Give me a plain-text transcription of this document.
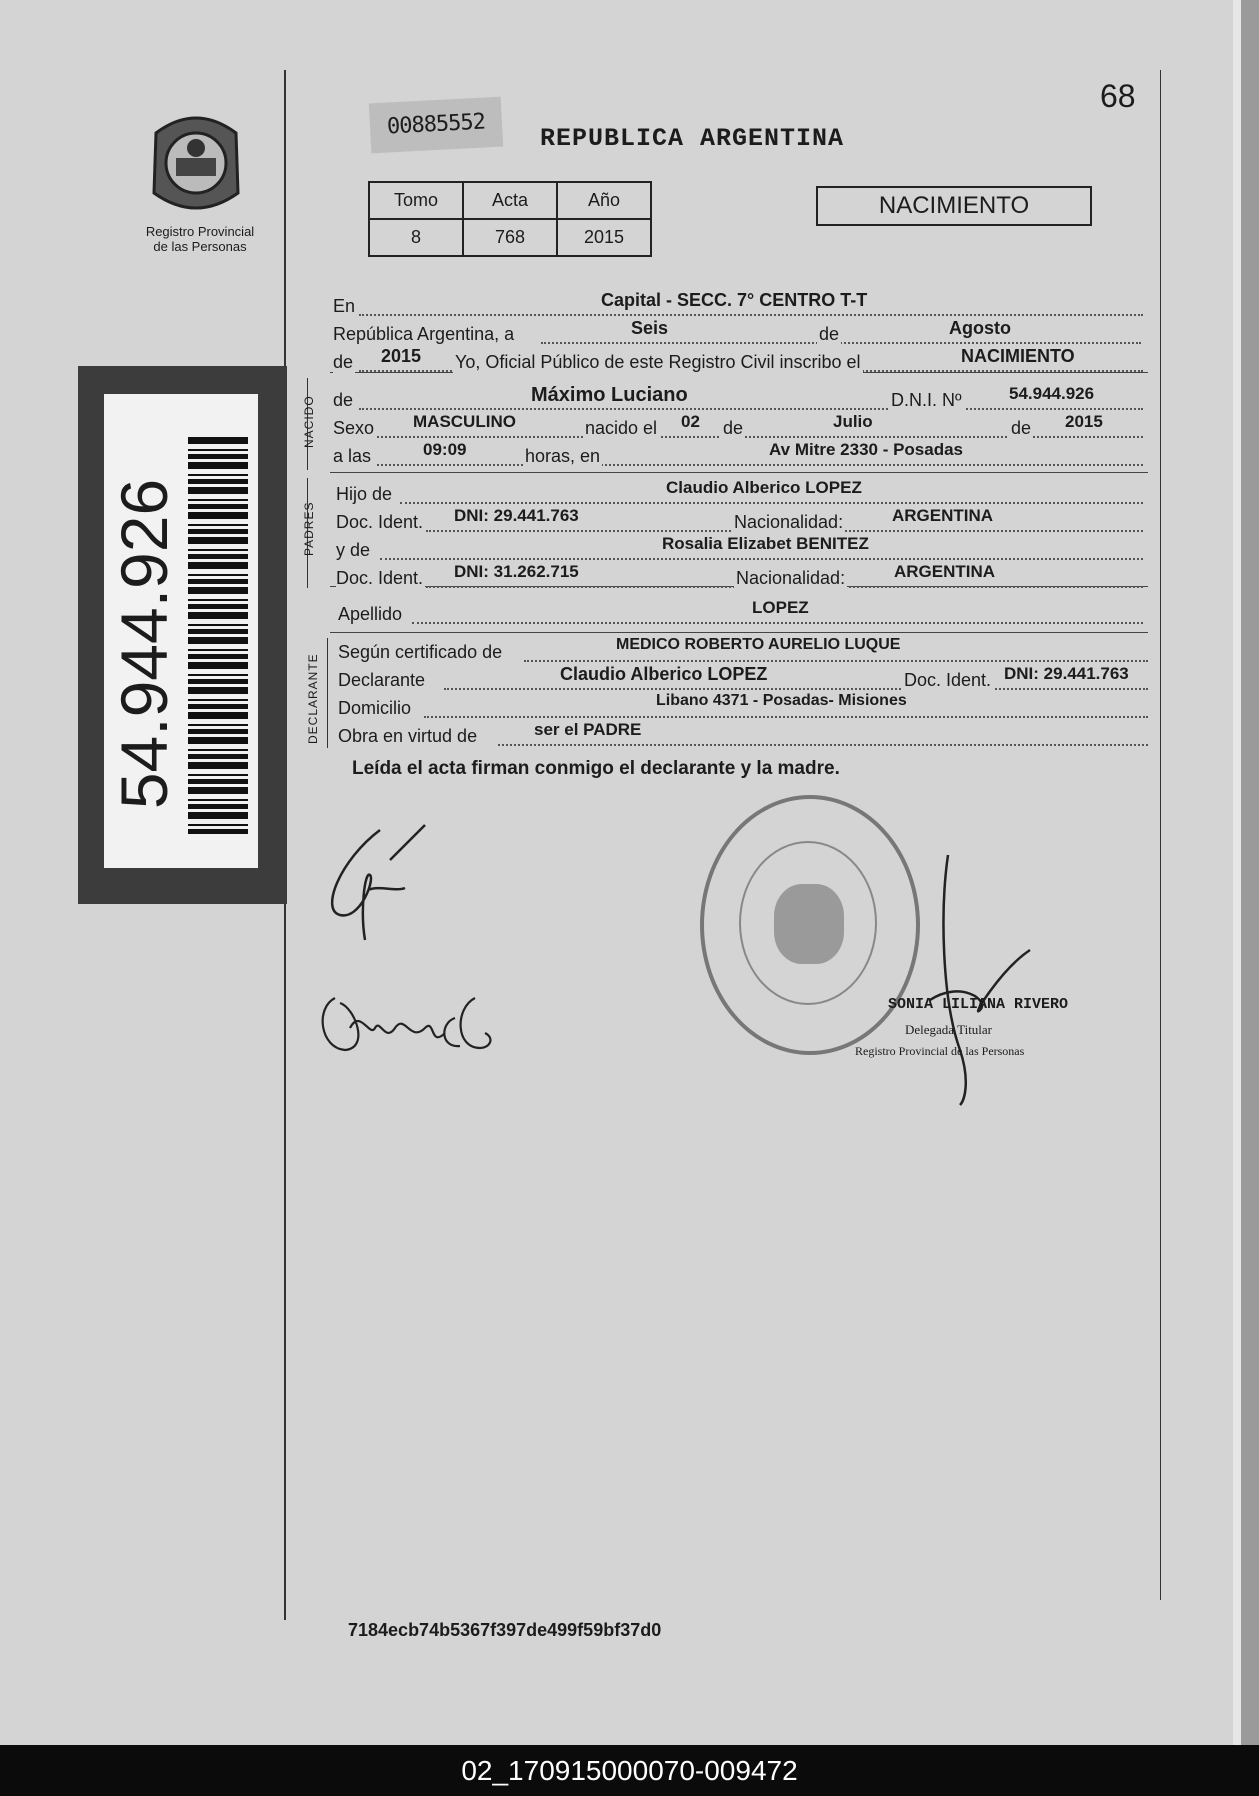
Registro Provincial
de las Personas
00885552	REPUBLICA ARGENTINA
68
Tomo	Acta	Año
8	768	2015
NACIMIENTO
54.944.926
NACIDO
PADRES
DECLARANTE
En	Capital - SECC. 7° CENTRO T-T
República Argentina, a	Seis	de	Agosto
de 2015 Yo, Oficial Público de este Registro Civil inscribo el	NACIMIENTO
de	Máximo Luciano	D.N.I. Nº	54.944.926
Sexo MASCULINO	nacido el 02 de	Julio	de 2015
a las	09:09	horas, en	Av Mitre 2330 - Posadas
Hijo de	Claudio Alberico LOPEZ
Doc. Ident. DNI: 29.441.763	Nacionalidad:	ARGENTINA
y de	Rosalia Elizabet BENITEZ
Doc. Ident. DNI: 31.262.715	Nacionalidad:	ARGENTINA
Apellido	LOPEZ
Según certificado de	MEDICO ROBERTO AURELIO LUQUE
Declarante	Claudio Alberico LOPEZ	Doc. Ident. DNI: 29.441.763
Domicilio	Libano 4371 - Posadas- Misiones
Obra en virtud de	ser el PADRE
Leída el acta firman conmigo el declarante y la madre.
SONIA LILIANA RIVERO
Delegada Titular
Registro Provincial de las Personas
7184ecb74b5367f397de499f59bf37d0
02_170915000070-009472
